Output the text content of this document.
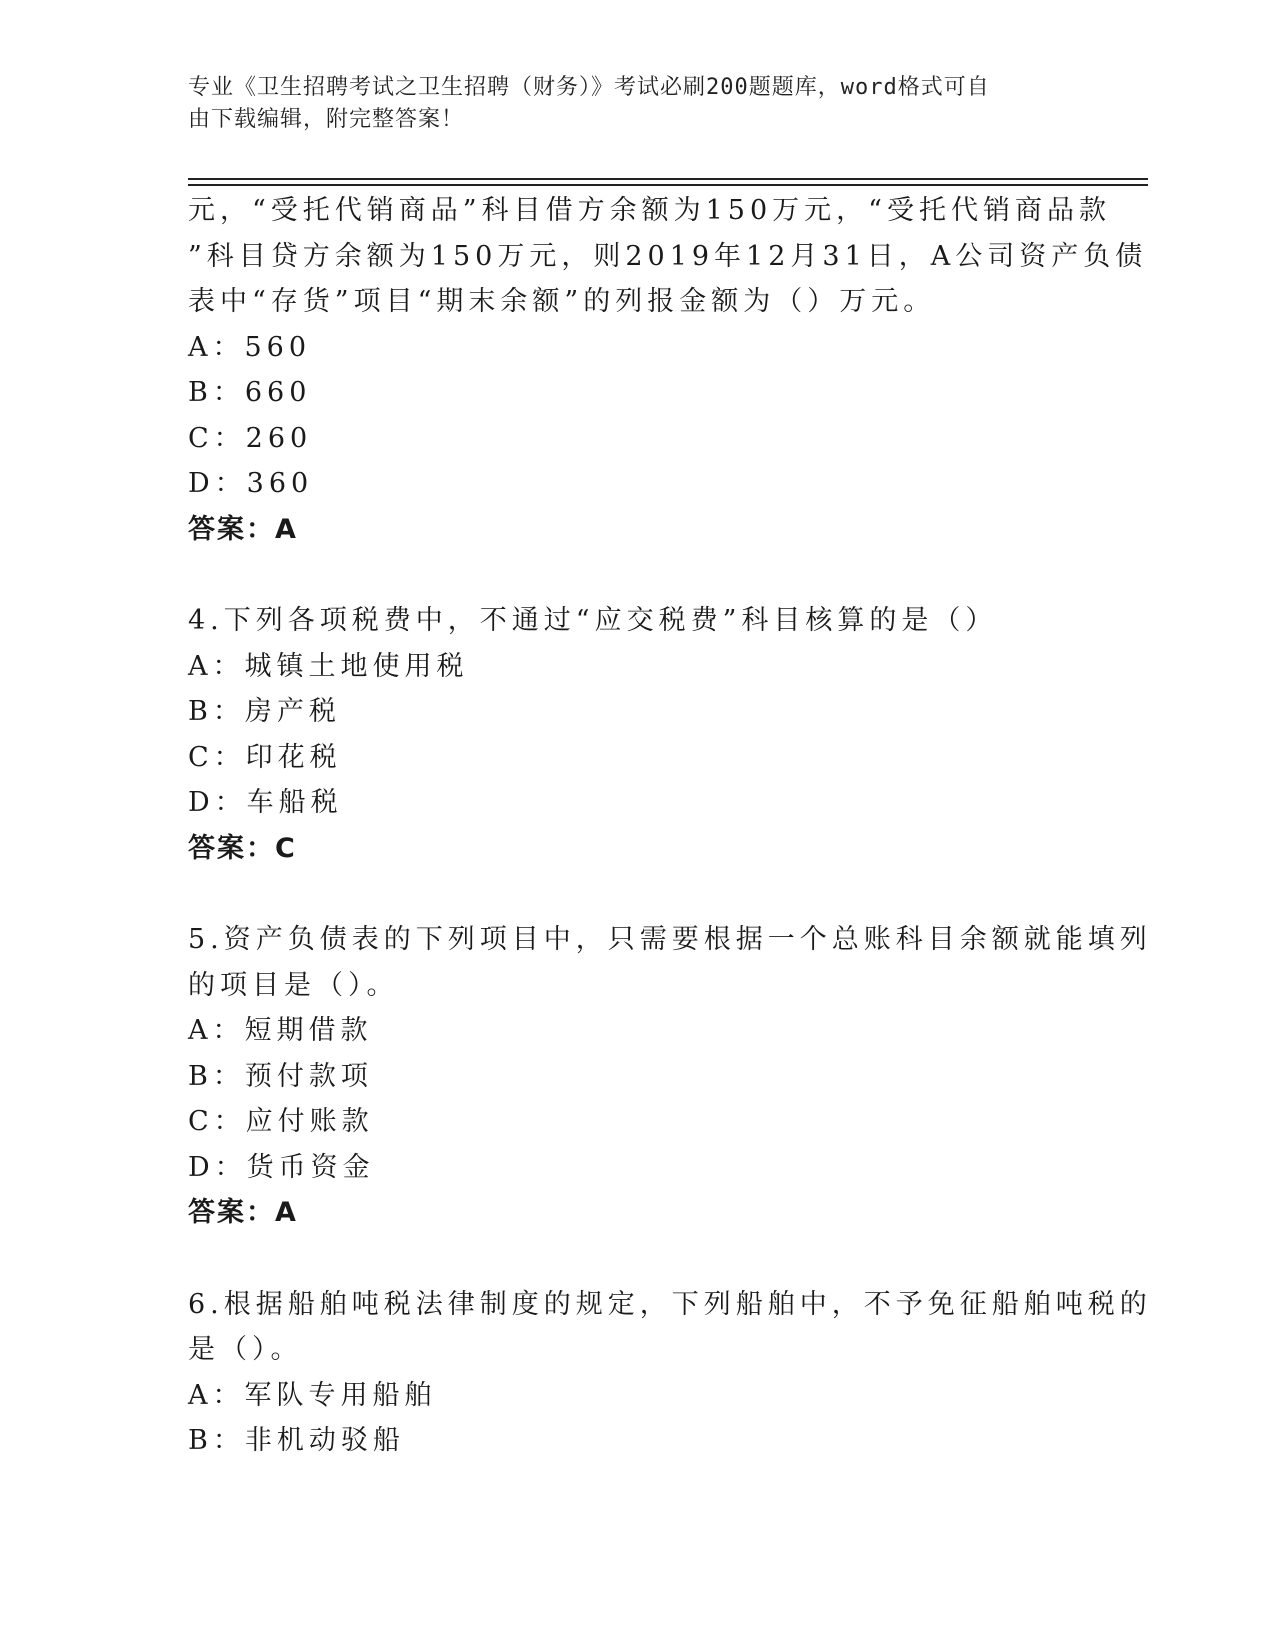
专业《卫生招聘考试之卫生招聘（财务）》考试必刷200题题库，word格式可自
由下载编辑，附完整答案！
元，“受托代销商品”科目借方余额为150万元，“受托代销商品款
”科目贷方余额为150万元，则2019年12月31日，A公司资产负债
表中“存货”项目“期末余额”的列报金额为（）万元。
A：560
B：660
C：260
D：360
答案：A
4.下列各项税费中，不通过“应交税费”科目核算的是（）
A：城镇土地使用税
B：房产税
C：印花税
D：车船税
答案：C
5.资产负债表的下列项目中，只需要根据一个总账科目余额就能填列
的项目是（）。
A：短期借款
B：预付款项
C：应付账款
D：货币资金
答案：A
6.根据船舶吨税法律制度的规定，下列船舶中，不予免征船舶吨税的
是（）。
A：军队专用船舶
B：非机动驳船
